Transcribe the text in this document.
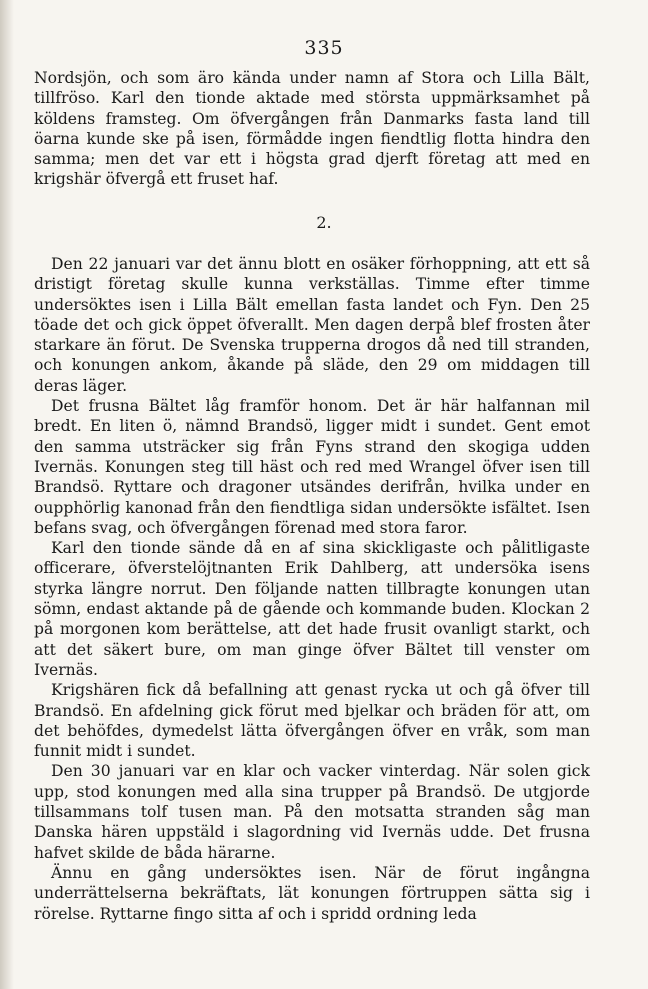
335

Nordsjön, och som äro kända under namn af Stora och Lilla Bält, tillfröso. Karl den tionde aktade med största uppmärksamhet på köldens framsteg. Om öfvergången från Danmarks fasta land till öarna kunde ske på isen, förmådde ingen fiendtlig flotta hindra den samma; men det var ett i högsta grad djerft företag att med en krigshär öfvergå ett fruset haf.

2.

Den 22 januari var det ännu blott en osäker förhoppning, att ett så dristigt företag skulle kunna verkställas. Timme efter timme undersöktes isen i Lilla Bält emellan fasta landet och Fyn. Den 25 töade det och gick öppet öfverallt. Men dagen derpå blef frosten åter starkare än förut. De Svenska trupperna drogos då ned till stranden, och konungen ankom, åkande på släde, den 29 om middagen till deras läger.

Det frusna Bältet låg framför honom. Det är här halfannan mil bredt. En liten ö, nämnd Brandsö, ligger midt i sundet. Gent emot den samma utsträcker sig från Fyns strand den skogiga udden Ivernäs. Konungen steg till häst och red med Wrangel öfver isen till Brandsö. Ryttare och dragoner utsändes derifrån, hvilka under en oupphörlig kanonad från den fiendtliga sidan undersökte isfältet. Isen befans svag, och öfvergången förenad med stora faror.

Karl den tionde sände då en af sina skickligaste och pålitligaste officerare, öfverstelöjtnanten Erik Dahlberg, att undersöka isens styrka längre norrut. Den följande natten tillbragte konungen utan sömn, endast aktande på de gående och kommande buden. Klockan 2 på morgonen kom berättelse, att det hade frusit ovanligt starkt, och att det säkert bure, om man ginge öfver Bältet till venster om Ivernäs.

Krigshären fick då befallning att genast rycka ut och gå öfver till Brandsö. En afdelning gick förut med bjelkar och bräden för att, om det behöfdes, dymedelst lätta öfvergången öfver en vråk, som man funnit midt i sundet.

Den 30 januari var en klar och vacker vinterdag. När solen gick upp, stod konungen med alla sina trupper på Brandsö. De utgjorde tillsammans tolf tusen man. På den motsatta stranden såg man Danska hären uppstäld i slagordning vid Ivernäs udde. Det frusna hafvet skilde de båda härarne.

Ännu en gång undersöktes isen. När de förut ingångna underrättelserna bekräftats, lät konungen förtruppen sätta sig i rörelse. Ryttarne fingo sitta af och i spridd ordning leda
